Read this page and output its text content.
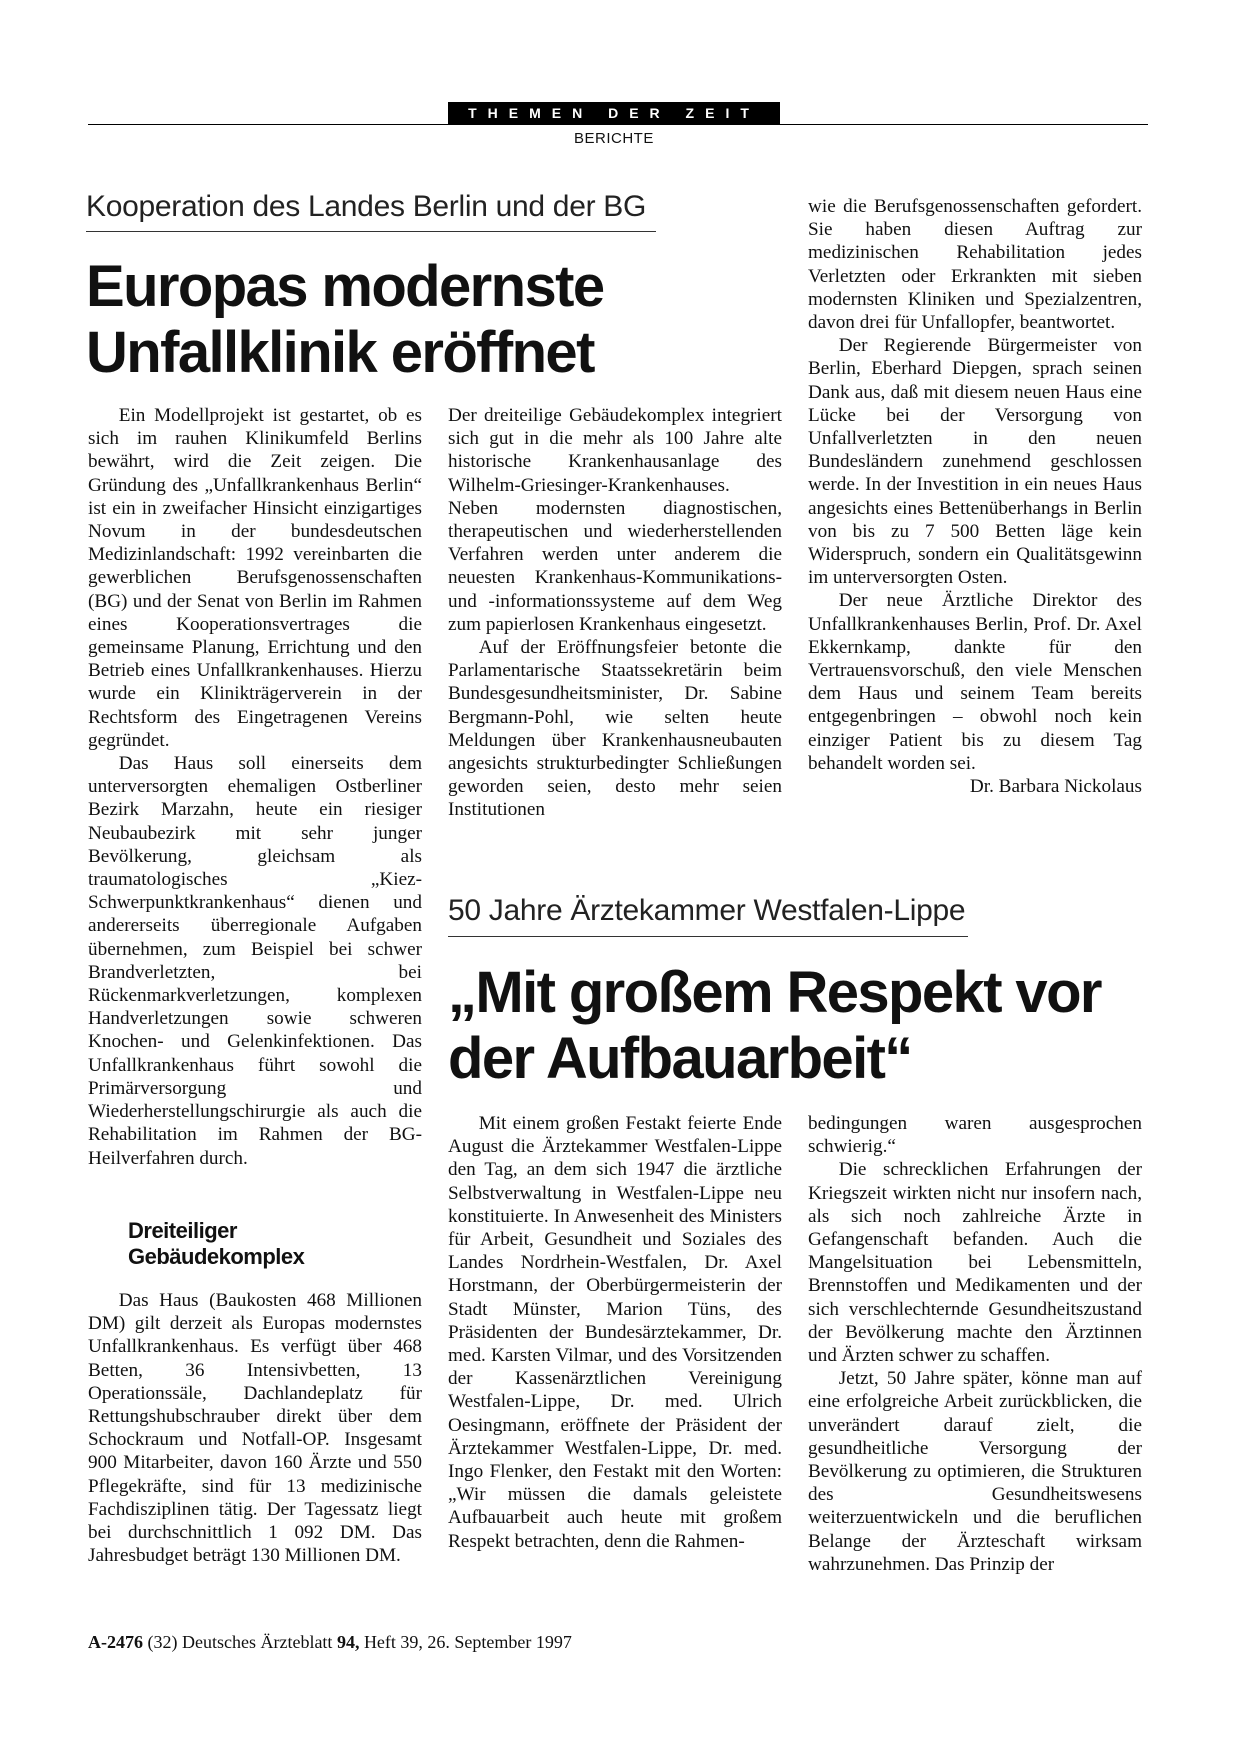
THEMEN DER ZEIT
BERICHTE
Kooperation des Landes Berlin und der BG
Europas modernste
Unfallklinik eröffnet

Ein Modellprojekt ist gestartet, ob es sich im rauhen Klinikumfeld Berlins bewährt, wird die Zeit zeigen. Die Gründung des „Unfallkrankenhaus Berlin“ ist ein in zweifacher Hinsicht einzigartiges Novum in der bundesdeutschen Medizinlandschaft: 1992 vereinbarten die gewerblichen Berufsgenossenschaften (BG) und der Senat von Berlin im Rahmen eines Kooperationsvertrages die gemeinsame Planung, Errichtung und den Betrieb eines Unfallkrankenhauses. Hierzu wurde ein Klinikträgerverein in der Rechtsform des Eingetragenen Vereins gegründet.

Das Haus soll einerseits dem unterversorgten ehemaligen Ostberliner Bezirk Marzahn, heute ein riesiger Neubaubezirk mit sehr junger Bevölkerung, gleichsam als traumatologisches „Kiez-Schwerpunktkrankenhaus“ dienen und andererseits überregionale Aufgaben übernehmen, zum Beispiel bei schwer Brandverletzten, bei Rückenmarkverletzungen, komplexen Handverletzungen sowie schweren Knochen- und Gelenkinfektionen. Das Unfallkrankenhaus führt sowohl die Primärversorgung und Wiederherstellungschirurgie als auch die Rehabilitation im Rahmen der BG-Heilverfahren durch.

Dreiteiliger
Gebäudekomplex

Das Haus (Baukosten 468 Millionen DM) gilt derzeit als Europas modernstes Unfallkrankenhaus. Es verfügt über 468 Betten, 36 Intensivbetten, 13 Operationssäle, Dachlandeplatz für Rettungshubschrauber direkt über dem Schockraum und Notfall-OP. Insgesamt 900 Mitarbeiter, davon 160 Ärzte und 550 Pflegekräfte, sind für 13 medizinische Fachdisziplinen tätig. Der Tagessatz liegt bei durchschnittlich 1 092 DM. Das Jahresbudget beträgt 130 Millionen DM.

Der dreiteilige Gebäudekomplex integriert sich gut in die mehr als 100 Jahre alte historische Krankenhausanlage des Wilhelm-Griesinger-Krankenhauses. Neben modernsten diagnostischen, therapeutischen und wiederherstellenden Verfahren werden unter anderem die neuesten Krankenhaus-Kommunikations- und -informationssysteme auf dem Weg zum papierlosen Krankenhaus eingesetzt.

Auf der Eröffnungsfeier betonte die Parlamentarische Staatssekretärin beim Bundesgesundheitsminister, Dr. Sabine Bergmann-Pohl, wie selten heute Meldungen über Krankenhausneubauten angesichts strukturbedingter Schließungen geworden seien, desto mehr seien Institutionen

wie die Berufsgenossenschaften gefordert. Sie haben diesen Auftrag zur medizinischen Rehabilitation jedes Verletzten oder Erkrankten mit sieben modernsten Kliniken und Spezialzentren, davon drei für Unfallopfer, beantwortet.

Der Regierende Bürgermeister von Berlin, Eberhard Diepgen, sprach seinen Dank aus, daß mit diesem neuen Haus eine Lücke bei der Versorgung von Unfallverletzten in den neuen Bundesländern zunehmend geschlossen werde. In der Investition in ein neues Haus angesichts eines Bettenüberhangs in Berlin von bis zu 7 500 Betten läge kein Widerspruch, sondern ein Qualitätsgewinn im unterversorgten Osten.

Der neue Ärztliche Direktor des Unfallkrankenhauses Berlin, Prof. Dr. Axel Ekkernkamp, dankte für den Vertrauensvorschuß, den viele Menschen dem Haus und seinem Team bereits entgegenbringen – obwohl noch kein einziger Patient bis zu diesem Tag behandelt worden sei.

Dr. Barbara Nickolaus

50 Jahre Ärztekammer Westfalen-Lippe
„Mit großem Respekt vor
der Aufbauarbeit“

Mit einem großen Festakt feierte Ende August die Ärztekammer Westfalen-Lippe den Tag, an dem sich 1947 die ärztliche Selbstverwaltung in Westfalen-Lippe neu konstituierte. In Anwesenheit des Ministers für Arbeit, Gesundheit und Soziales des Landes Nordrhein-Westfalen, Dr. Axel Horstmann, der Oberbürgermeisterin der Stadt Münster, Marion Tüns, des Präsidenten der Bundesärztekammer, Dr. med. Karsten Vilmar, und des Vorsitzenden der Kassenärztlichen Vereinigung Westfalen-Lippe, Dr. med. Ulrich Oesingmann, eröffnete der Präsident der Ärztekammer Westfalen-Lippe, Dr. med. Ingo Flenker, den Festakt mit den Worten: „Wir müssen die damals geleistete Aufbauarbeit auch heute mit großem Respekt betrachten, denn die Rahmen-

bedingungen waren ausgesprochen schwierig.“

Die schrecklichen Erfahrungen der Kriegszeit wirkten nicht nur insofern nach, als sich noch zahlreiche Ärzte in Gefangenschaft befanden. Auch die Mangelsituation bei Lebensmitteln, Brennstoffen und Medikamenten und der sich verschlechternde Gesundheitszustand der Bevölkerung machte den Ärztinnen und Ärzten schwer zu schaffen.

Jetzt, 50 Jahre später, könne man auf eine erfolgreiche Arbeit zurückblicken, die unverändert darauf zielt, die gesundheitliche Versorgung der Bevölkerung zu optimieren, die Strukturen des Gesundheitswesens weiterzuentwickeln und die beruflichen Belange der Ärzteschaft wirksam wahrzunehmen. Das Prinzip der

A-2476 (32) Deutsches Ärzteblatt 94, Heft 39, 26. September 1997
